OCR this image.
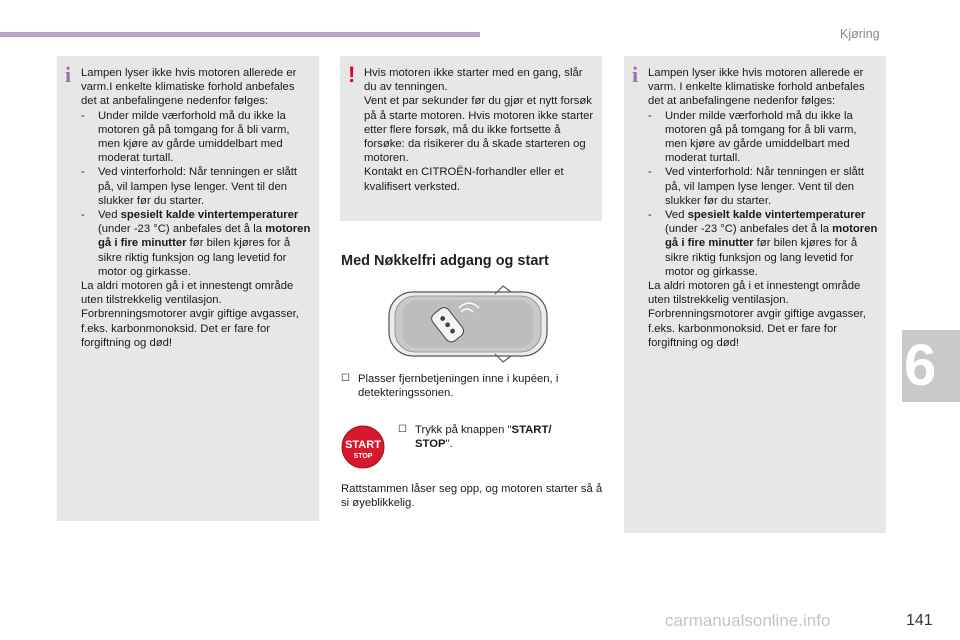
Kjøring
6
i Lampen lyser ikke hvis motoren allerede er varm.I enkelte klimatiske forhold anbefales det at anbefalingene nedenfor følges:

- Under milde værforhold må du ikke la motoren gå på tomgang for å bli varm, men kjøre av gårde umiddelbart med moderat turtall.
- Ved vinterforhold: Når tenningen er slått på, vil lampen lyse lenger. Vent til den slukker før du starter.
- Ved spesielt kalde vintertemperaturer (under -23 °C) anbefales det å la motoren gå i fire minutter før bilen kjøres for å sikre riktig funksjon og lang levetid for motor og girkasse.

La aldri motoren gå i et innestengt område uten tilstrekkelig ventilasjon.

Forbrenningsmotorer avgir giftige avgasser, f.eks. karbonmonoksid. Det er fare for forgiftning og død!

! Hvis motoren ikke starter med en gang, slår du av tenningen.

Vent et par sekunder før du gjør et nytt forsøk på å starte motoren. Hvis motoren ikke starter etter flere forsøk, må du ikke fortsette å forsøke: da risikerer du å skade starteren og motoren.

Kontakt en CITROËN-forhandler eller et kvalifisert verksted.

Med Nøkkelfri adgang og start
☐ Plasser fjernbetjeningen inne i kupéen, i detekteringssonen.
START
STOP
☐ Trykk på knappen "START/ STOP".
Rattstammen låser seg opp, og motoren starter så å si øyeblikkelig.
i Lampen lyser ikke hvis motoren allerede er varm. I enkelte klimatiske forhold anbefales det at anbefalingene nedenfor følges:

- Under milde værforhold må du ikke la motoren gå på tomgang for å bli varm, men kjøre av gårde umiddelbart med moderat turtall.
- Ved vinterforhold: Når tenningen er slått på, vil lampen lyse lenger. Vent til den slukker før du starter.
- Ved spesielt kalde vintertemperaturer (under -23 °C) anbefales det å la motoren gå i fire minutter før bilen kjøres for å sikre riktig funksjon og lang levetid for motor og girkasse.

La aldri motoren gå i et innestengt område uten tilstrekkelig ventilasjon.

Forbrenningsmotorer avgir giftige avgasser, f.eks. karbonmonoksid. Det er fare for forgiftning og død!

carmanualsonline.info	141
